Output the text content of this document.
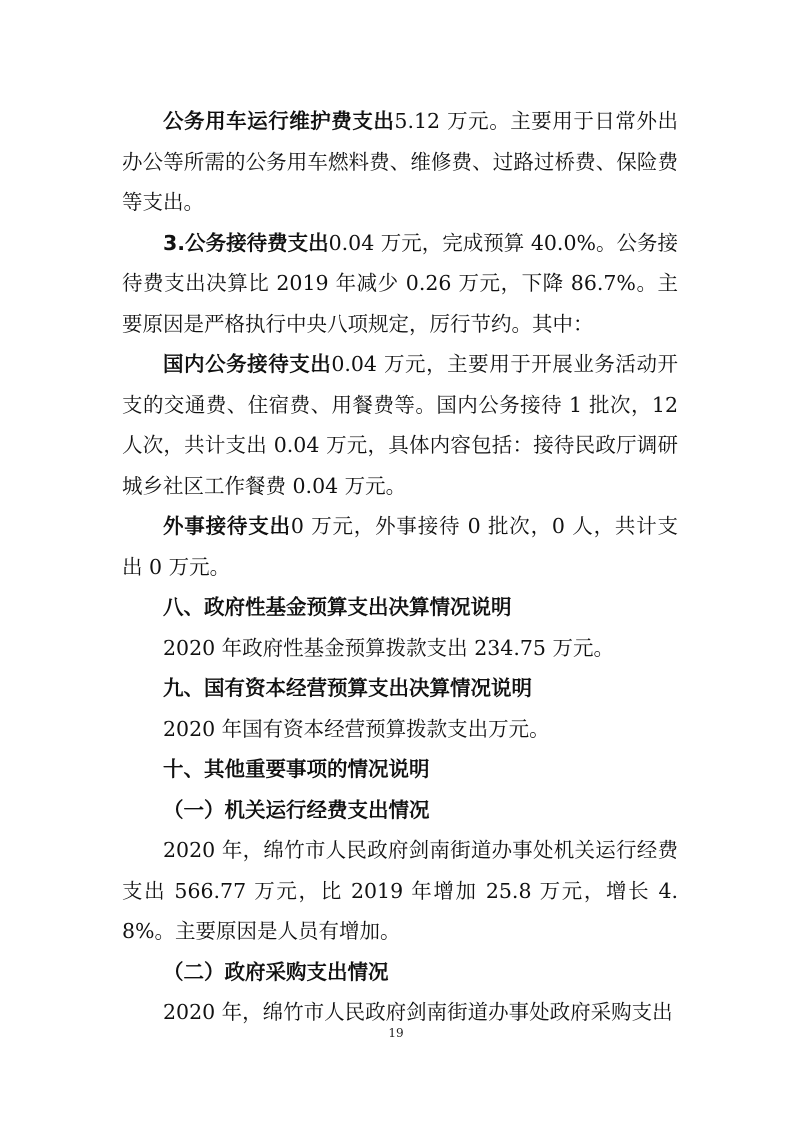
公务用车运行维护费支出5.12 万元。主要用于日常外出办公等所需的公务用车燃料费、维修费、过路过桥费、保险费等支出。

3.公务接待费支出0.04 万元，完成预算 40.0%。公务接待费支出决算比 2019 年减少 0.26 万元，下降 86.7%。主要原因是严格执行中央八项规定，厉行节约。其中：

国内公务接待支出0.04 万元，主要用于开展业务活动开支的交通费、住宿费、用餐费等。国内公务接待 1 批次，12 人次，共计支出 0.04 万元，具体内容包括：接待民政厅调研城乡社区工作餐费 0.04 万元。

外事接待支出0 万元，外事接待 0 批次，0 人，共计支出 0 万元。

八、政府性基金预算支出决算情况说明

2020 年政府性基金预算拨款支出 234.75 万元。

九、国有资本经营预算支出决算情况说明

2020 年国有资本经营预算拨款支出万元。

十、其他重要事项的情况说明

（一）机关运行经费支出情况

2020 年，绵竹市人民政府剑南街道办事处机关运行经费支出 566.77 万元，比 2019 年增加 25.8 万元，增长 4.8%。主要原因是人员有增加。

（二）政府采购支出情况

2020 年，绵竹市人民政府剑南街道办事处政府采购支出

19
